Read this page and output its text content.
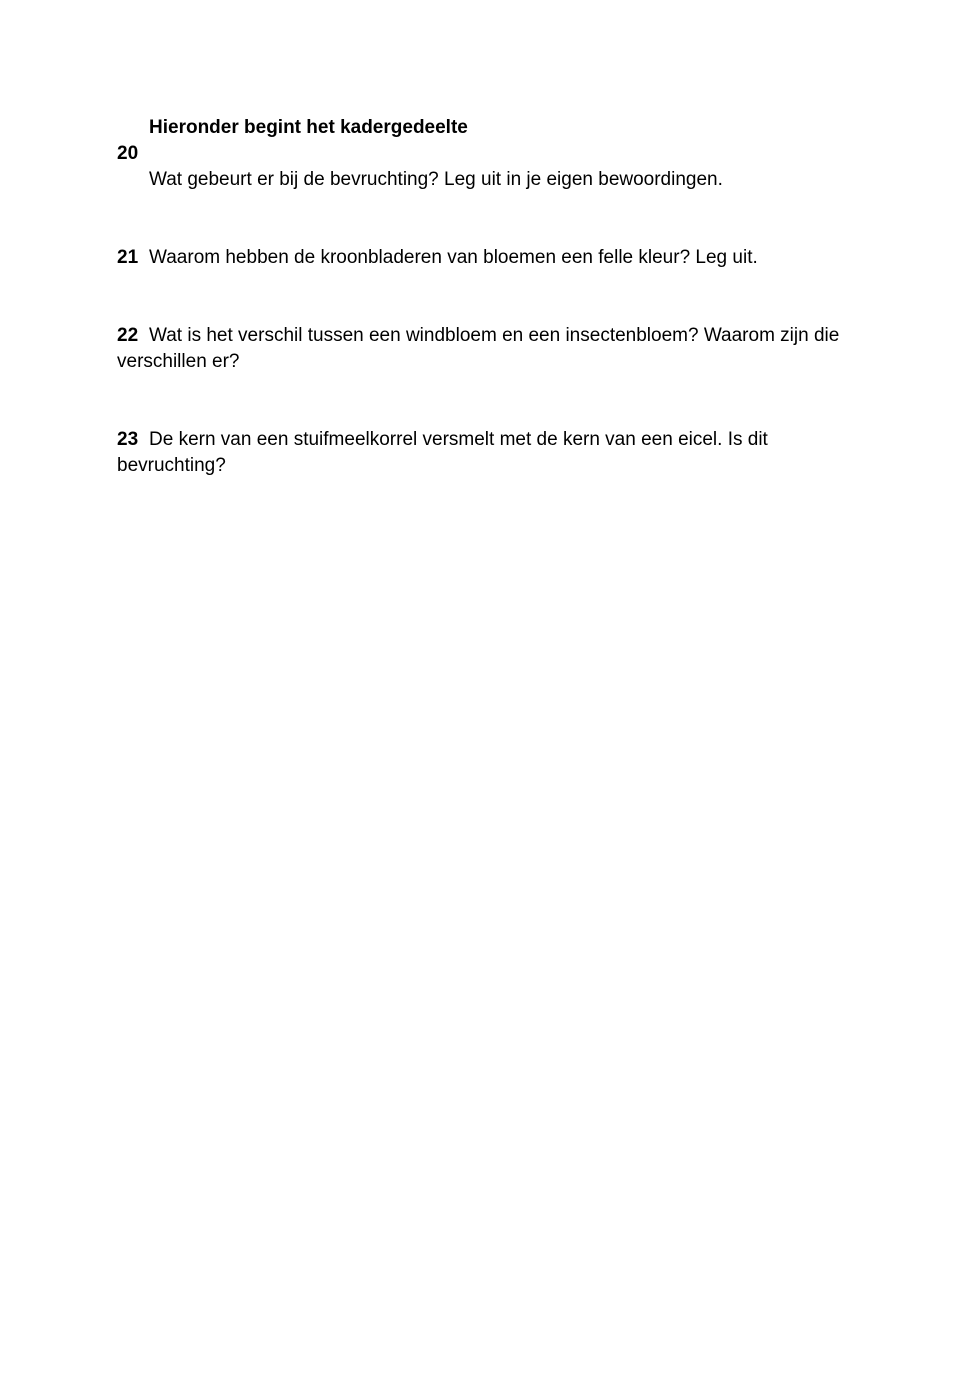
Hieronder begint het kadergedeelte
20
Wat gebeurt er bij de bevruchting? Leg uit in je eigen bewoordingen.
21 Waarom hebben de kroonbladeren van bloemen een felle kleur? Leg uit.
22 Wat is het verschil tussen een windbloem en een insectenbloem? Waarom zijn die verschillen er?
23 De kern van een stuifmeelkorrel versmelt met de kern van een eicel. Is dit bevruchting?
